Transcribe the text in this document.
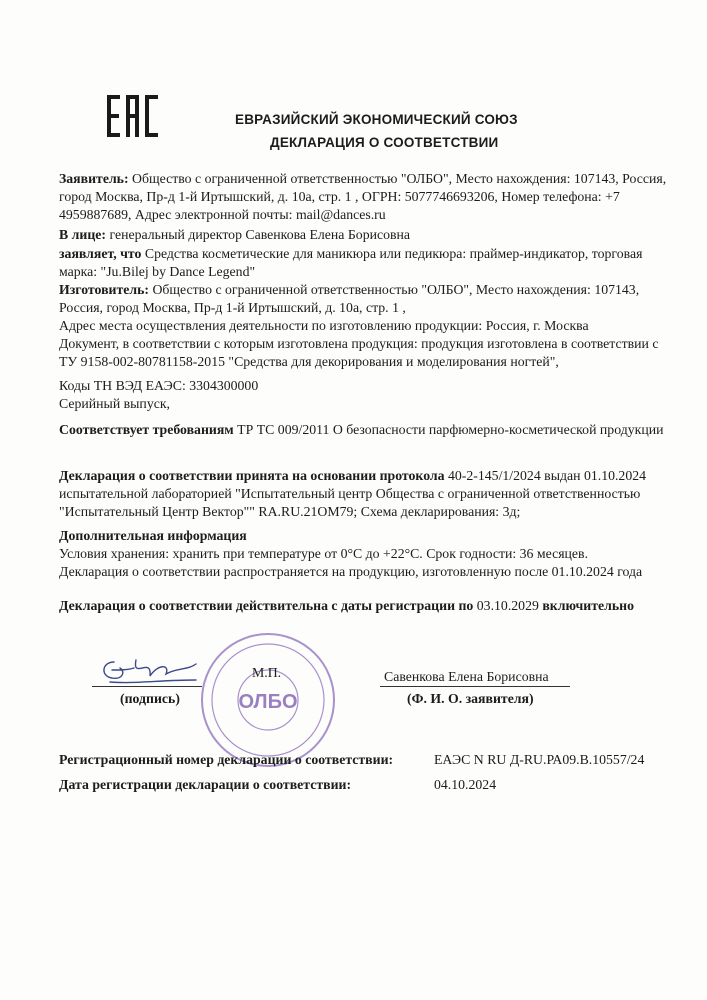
ЕВРАЗИЙСКИЙ ЭКОНОМИЧЕСКИЙ СОЮЗ
ДЕКЛАРАЦИЯ О СООТВЕТСТВИИ
Заявитель: Общество с ограниченной ответственностью "ОЛБО", Место нахождения: 107143, Россия, город Москва, Пр-д 1-й Иртышский, д. 10а, стр. 1 , ОГРН: 5077746693206, Номер телефона: +7 4959887689, Адрес электронной почты: mail@dances.ru
В лице: генеральный директор Савенкова Елена Борисовна
заявляет, что Средства косметические для маникюра или педикюра: праймер-индикатор, торговая марка: "Ju.Bilej by Dance Legend"
Изготовитель: Общество с ограниченной ответственностью "ОЛБО", Место нахождения: 107143, Россия, город Москва, Пр-д 1-й Иртышский, д. 10а, стр. 1 ,
Адрес места осуществления деятельности по изготовлению продукции: Россия, г. Москва
Документ, в соответствии с которым изготовлена продукция: продукция изготовлена в соответствии с ТУ 9158-002-80781158-2015 "Средства для декорирования и моделирования ногтей",
Коды ТН ВЭД ЕАЭС: 3304300000
Серийный выпуск,
Соответствует требованиям ТР ТС 009/2011 О безопасности парфюмерно-косметической продукции
Декларация о соответствии принята на основании протокола 40-2-145/1/2024 выдан 01.10.2024 испытательной лабораторией "Испытательный центр Общества с ограниченной ответственностью "Испытательный Центр Вектор"" RA.RU.21OM79; Схема декларирования: 3д;
Дополнительная информация
Условия хранения: хранить при температуре от 0°С до +22°С. Срок годности: 36 месяцев.
Декларация о соответствии распространяется на продукцию, изготовленную после 01.10.2024 года
Декларация о соответствии действительна с даты регистрации по 03.10.2029 включительно
ОЛБО
М.П.	Савенкова Елена Борисовна
(подпись)	(Ф. И. О. заявителя)
Регистрационный номер декларации о соответствии:	ЕАЭС N RU Д-RU.РА09.В.10557/24
Дата регистрации декларации о соответствии:	04.10.2024
